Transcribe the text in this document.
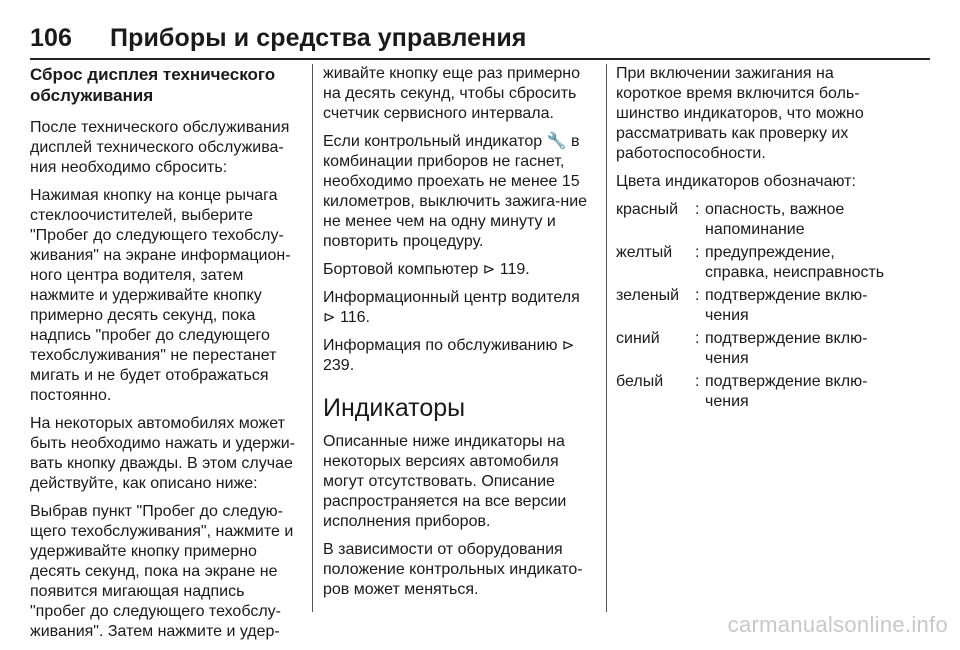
106	Приборы и средства управления
Сброс дисплея технического
обслуживания

После технического обслуживания дисплей технического обслужива-ния необходимо сбросить:

Нажимая кнопку на конце рычага стеклоочистителей, выберите "Пробег до следующего техобслу-живания" на экране информацион-ного центра водителя, затем нажмите и удерживайте кнопку примерно десять секунд, пока надпись "пробег до следующего техобслуживания" не перестанет мигать и не будет отображаться постоянно.

На некоторых автомобилях может быть необходимо нажать и удержи-вать кнопку дважды. В этом случае действуйте, как описано ниже:

Выбрав пункт "Пробег до следую-щего техобслуживания", нажмите и удерживайте кнопку примерно десять секунд, пока на экране не появится мигающая надпись "пробег до следующего техобслу-живания". Затем нажмите и удер-

живайте кнопку еще раз примерно на десять секунд, чтобы сбросить счетчик сервисного интервала.

Если контрольный индикатор 🔧 в комбинации приборов не гаснет, необходимо проехать не менее 15 километров, выключить зажига-ние не менее чем на одну минуту и повторить процедуру.

Бортовой компьютер ⊳ 119.

Информационный центр водителя ⊳ 116.

Информация по обслуживанию ⊳ 239.

Индикаторы

Описанные ниже индикаторы на некоторых версиях автомобиля могут отсутствовать. Описание распространяется на все версии исполнения приборов.

В зависимости от оборудования положение контрольных индикато-ров может меняться.

При включении зажигания на короткое время включится боль-шинство индикаторов, что можно рассматривать как проверку их работоспособности.

Цвета индикаторов обозначают:

красный	: опасность, важное напоминание
желтый	: предупреждение, справка, неисправность
зеленый : подтверждение вклю-чения
синий	: подтверждение вклю-чения
белый	: подтверждение вклю-чения
carmanualsonline.info
